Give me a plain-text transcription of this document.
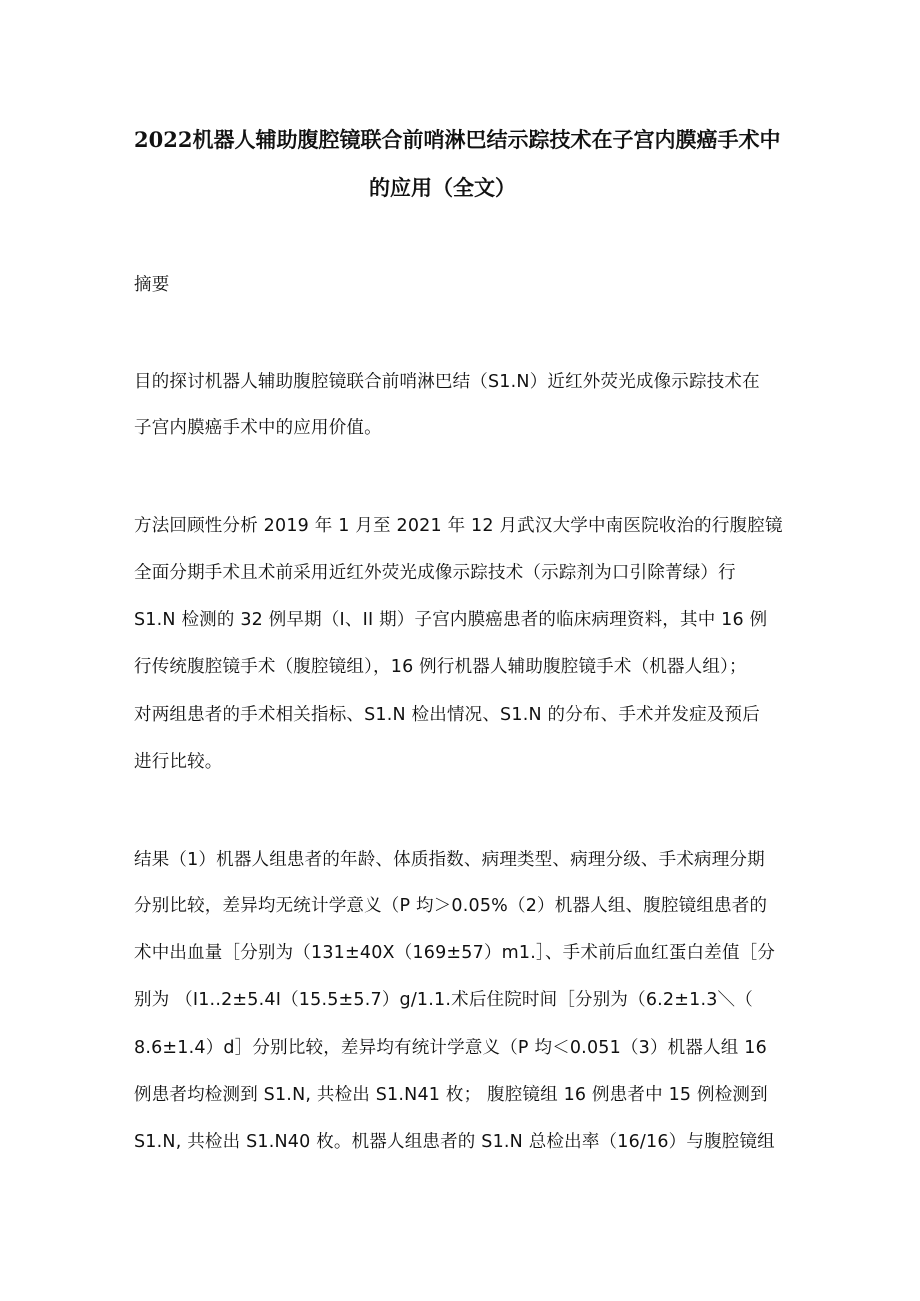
2022机器人辅助腹腔镜联合前哨淋巴结示踪技术在子宫内膜癌手术中
的应用（全文）
摘要
目的探讨机器人辅助腹腔镜联合前哨淋巴结（S1.N）近红外荧光成像示踪技术在
子宫内膜癌手术中的应用价值。
方法回顾性分析 2019 年 1 月至 2021 年 12 月武汉大学中南医院收治的行腹腔镜
全面分期手术且术前采用近红外荧光成像示踪技术（示踪剂为口引除菁绿）行
S1.N 检测的 32 例早期（I、II 期）子宫内膜癌患者的临床病理资料，其中 16 例
行传统腹腔镜手术（腹腔镜组），16 例行机器人辅助腹腔镜手术（机器人组）；
对两组患者的手术相关指标、S1.N 检出情况、S1.N 的分布、手术并发症及预后
进行比较。
结果（1）机器人组患者的年龄、体质指数、病理类型、病理分级、手术病理分期
分别比较，差异均无统计学意义（P 均＞0.05%（2）机器人组、腹腔镜组患者的
术中出血量［分别为（131±40X（169±57）m1.］、手术前后血红蛋白差值［分
别为 （I1..2±5.4I（15.5±5.7）g/1.1.术后住院时间［分别为（6.2±1.3＼（
8.6±1.4）d］分别比较，差异均有统计学意义（P 均＜0.051（3）机器人组 16
例患者均检测到 S1.N, 共检出 S1.N41 枚； 腹腔镜组 16 例患者中 15 例检测到
S1.N, 共检出 S1.N40 枚。机器人组患者的 S1.N 总检出率（16/16）与腹腔镜组
